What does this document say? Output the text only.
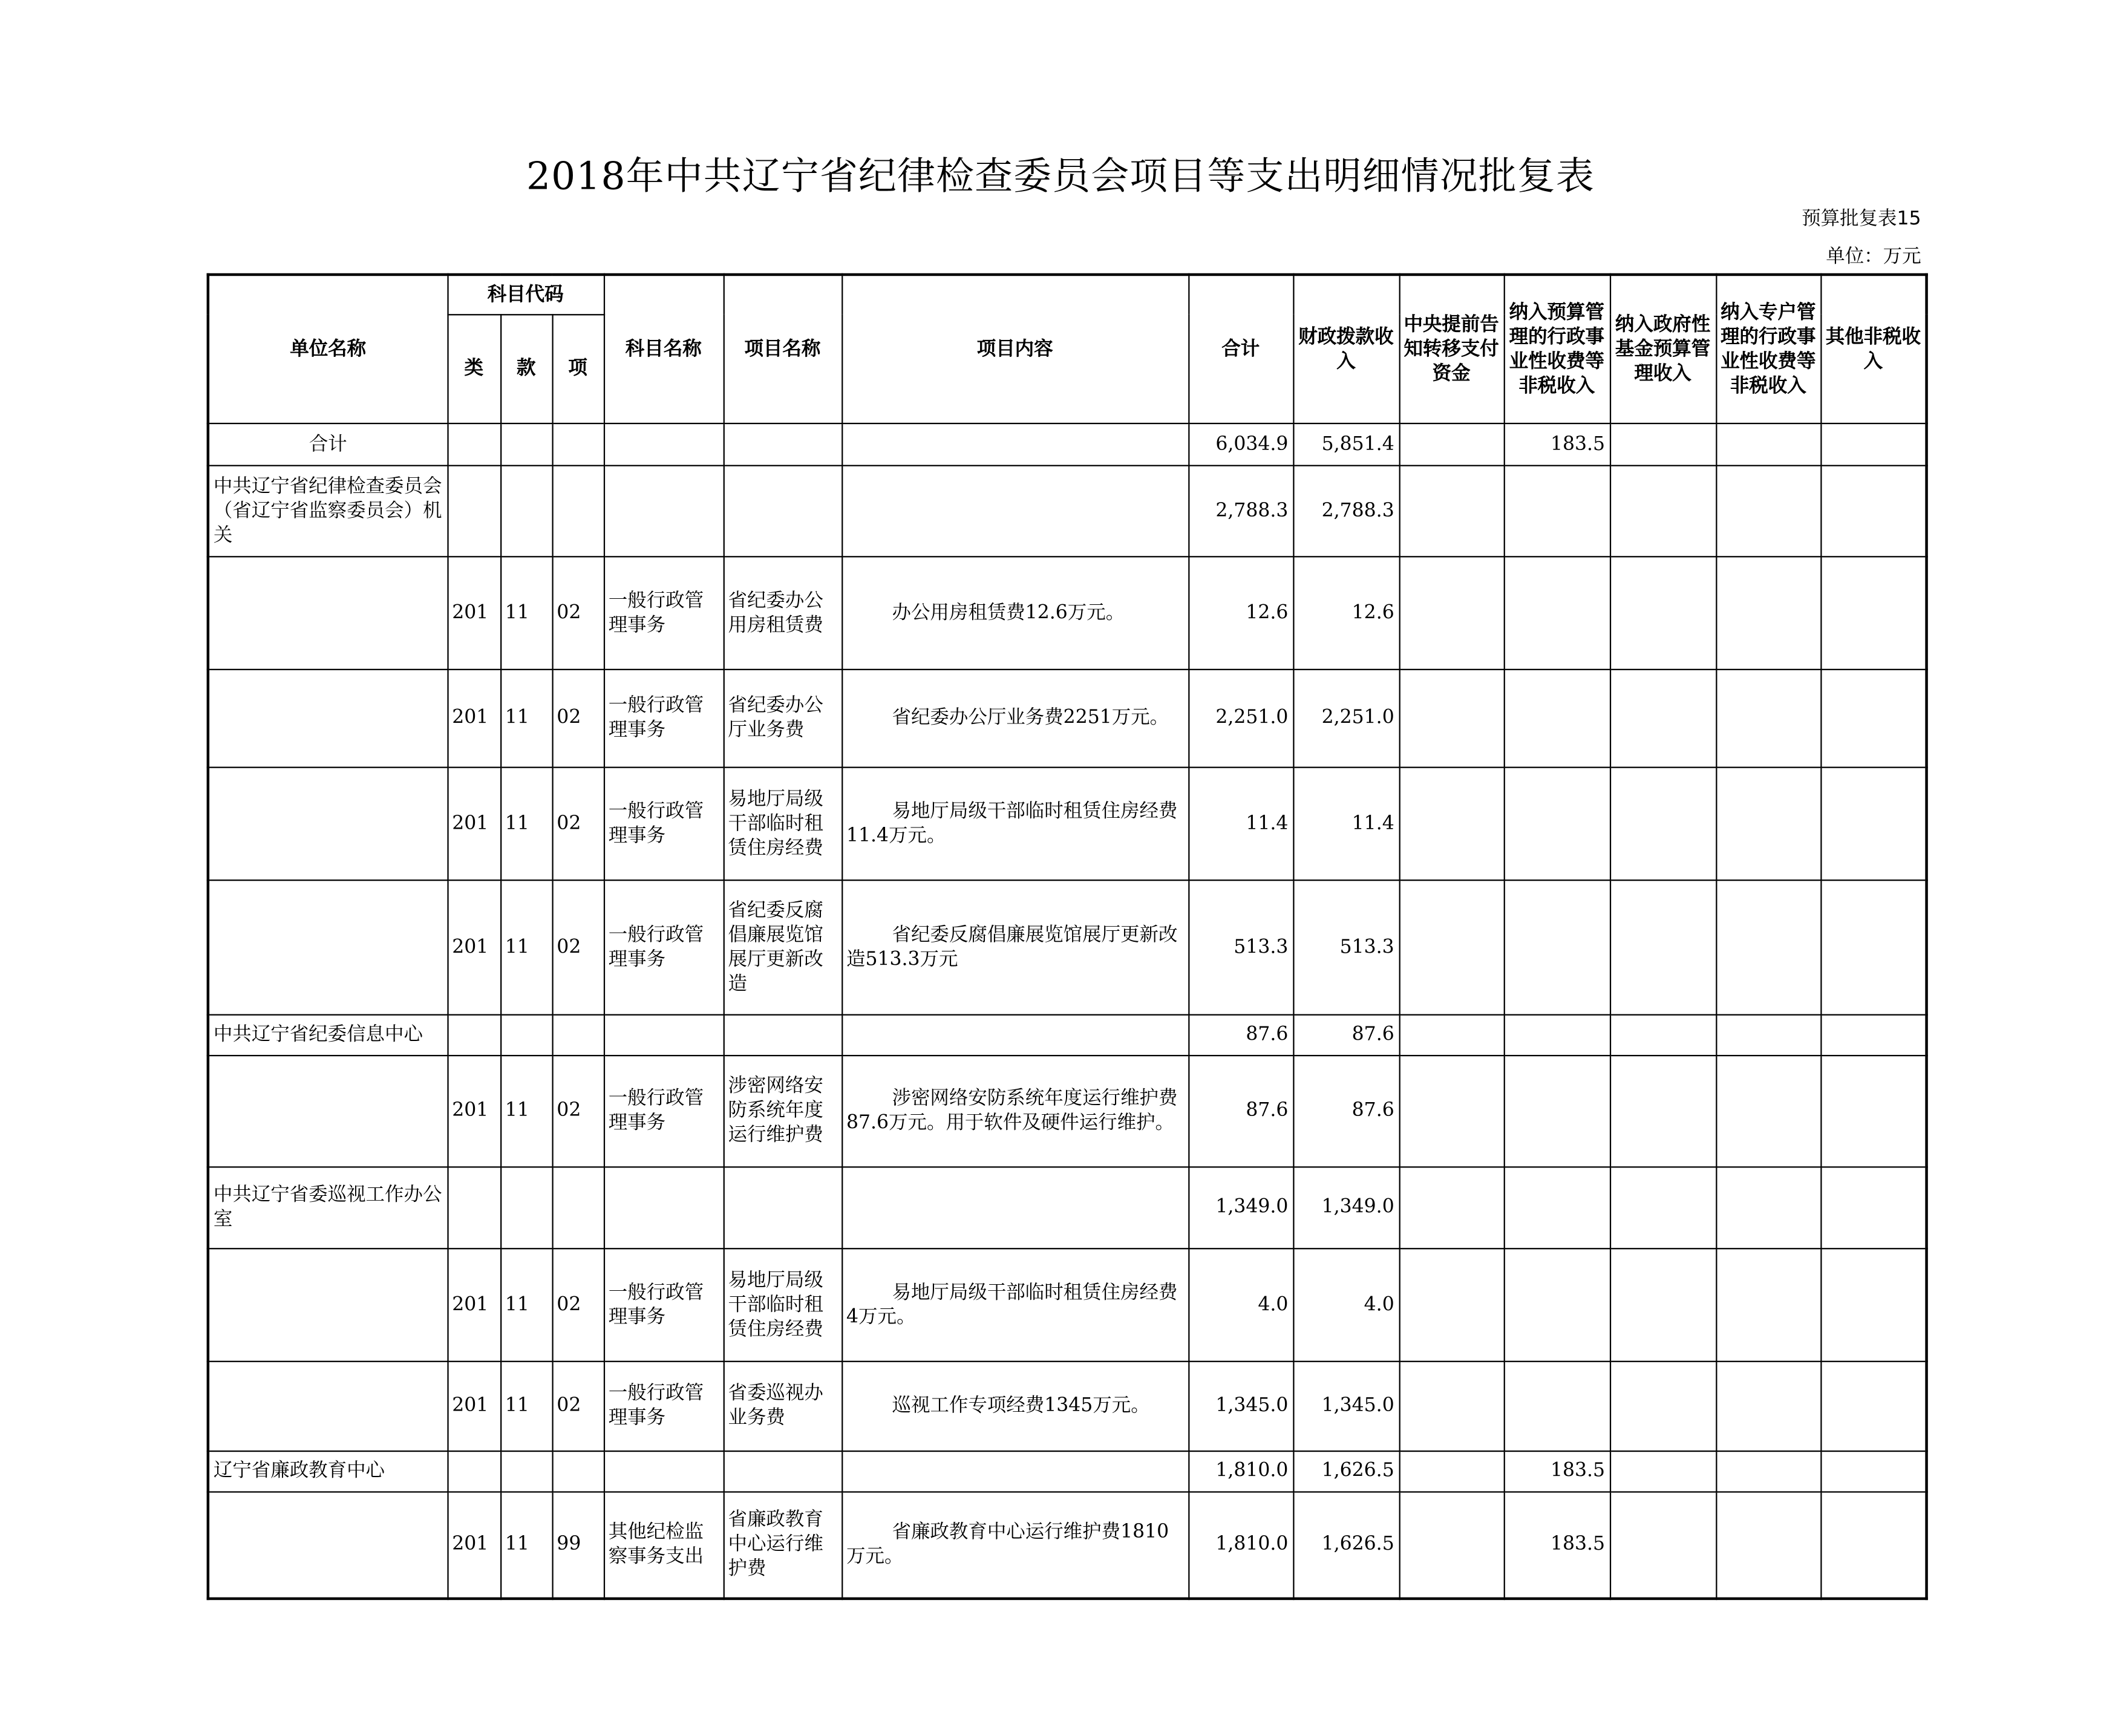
2018年中共辽宁省纪律检查委员会项目等支出明细情况批复表
预算批复表15
单位：万元
单位名称	科目代码			科目名称	项目名称	项目内容	合计	财政拨款收入	中央提前告知转移支付资金	纳入预算管理的行政事业性收费等非税收入	纳入政府性基金预算管理收入	纳入专户管理的行政事业性收费等非税收入	其他非税收入
	类	款	项										
合计							6,034.9	5,851.4		183.5			
中共辽宁省纪律检查委员会（省辽宁省监察委员会）机关							2,788.3	2,788.3					
	201	11	02	一般行政管理事务	省纪委办公用房租赁费	办公用房租赁费12.6万元。	12.6	12.6					
	201	11	02	一般行政管理事务	省纪委办公厅业务费	省纪委办公厅业务费2251万元。	2,251.0	2,251.0					
	201	11	02	一般行政管理事务	易地厅局级干部临时租赁住房经费	易地厅局级干部临时租赁住房经费11.4万元。	11.4	11.4					
	201	11	02	一般行政管理事务	省纪委反腐倡廉展览馆展厅更新改造	省纪委反腐倡廉展览馆展厅更新改造513.3万元	513.3	513.3					
中共辽宁省纪委信息中心							87.6	87.6					
	201	11	02	一般行政管理事务	涉密网络安防系统年度运行维护费	涉密网络安防系统年度运行维护费87.6万元。用于软件及硬件运行维护。	87.6	87.6					
中共辽宁省委巡视工作办公室							1,349.0	1,349.0					
	201	11	02	一般行政管理事务	易地厅局级干部临时租赁住房经费	易地厅局级干部临时租赁住房经费4万元。	4.0	4.0					
	201	11	02	一般行政管理事务	省委巡视办业务费	巡视工作专项经费1345万元。	1,345.0	1,345.0					
辽宁省廉政教育中心							1,810.0	1,626.5		183.5			
	201	11	99	其他纪检监察事务支出	省廉政教育中心运行维护费	省廉政教育中心运行维护费1810万元。	1,810.0	1,626.5		183.5			
